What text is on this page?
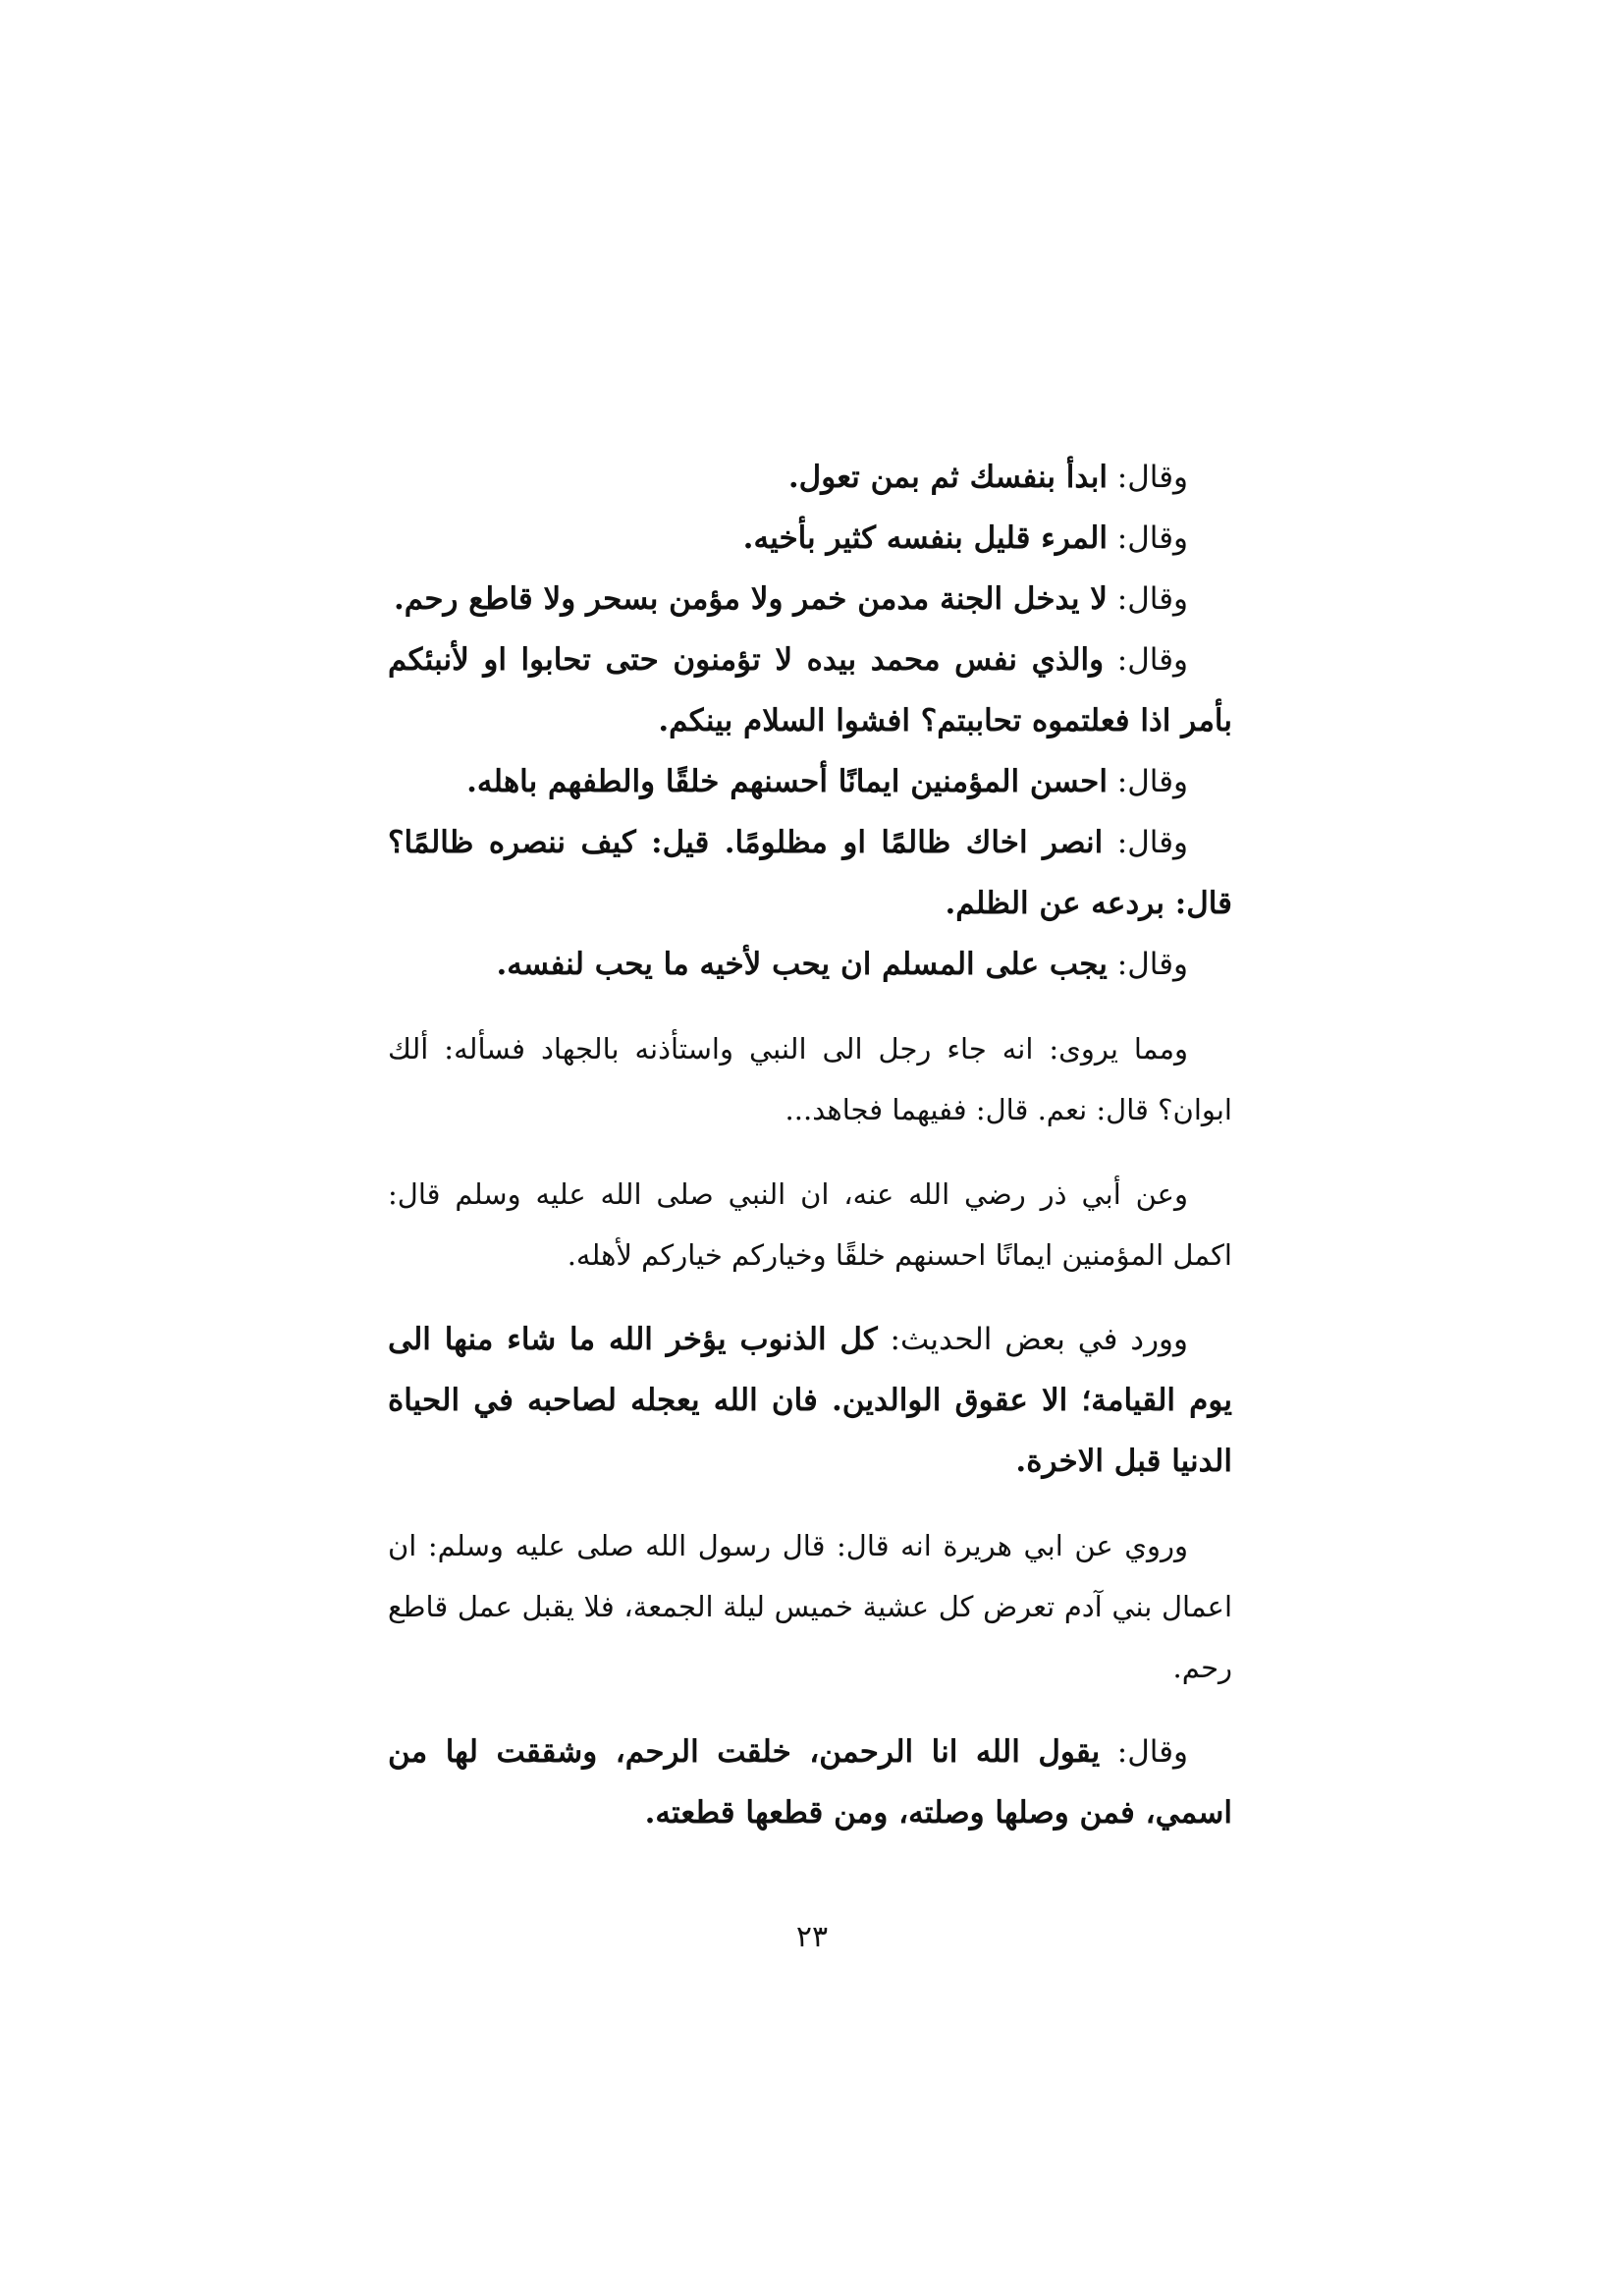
وقال: ابدأ بنفسك ثم بمن تعول.

وقال: المرء قليل بنفسه كثير بأخيه.

وقال: لا يدخل الجنة مدمن خمر ولا مؤمن بسحر ولا قاطع رحم.

وقال: والذي نفس محمد بيده لا تؤمنون حتى تحابوا او لأنبئكم بأمر اذا فعلتموه تحاببتم؟ افشوا السلام بينكم.

وقال: احسن المؤمنين ايمانًا أحسنهم خلقًا والطفهم باهله.

وقال: انصر اخاك ظالمًا او مظلومًا. قيل: كيف ننصره ظالمًا؟ قال: بردعه عن الظلم.

وقال: يجب على المسلم ان يحب لأخيه ما يحب لنفسه.

ومما يروى: انه جاء رجل الى النبي واستأذنه بالجهاد فسأله: ألك ابوان؟ قال: نعم. قال: ففيهما فجاهد...

وعن أبي ذر رضي الله عنه، ان النبي صلى الله عليه وسلم قال: اكمل المؤمنين ايمانًا احسنهم خلقًا وخياركم خياركم لأهله.

وورد في بعض الحديث: كل الذنوب يؤخر الله ما شاء منها الى يوم القيامة؛ الا عقوق الوالدين. فان الله يعجله لصاحبه في الحياة الدنيا قبل الاخرة.

وروي عن ابي هريرة انه قال: قال رسول الله صلى عليه وسلم: ان اعمال بني آدم تعرض كل عشية خميس ليلة الجمعة، فلا يقبل عمل قاطع رحم.

وقال: يقول الله انا الرحمن، خلقت الرحم، وشققت لها من اسمي، فمن وصلها وصلته، ومن قطعها قطعته.

٢٣
